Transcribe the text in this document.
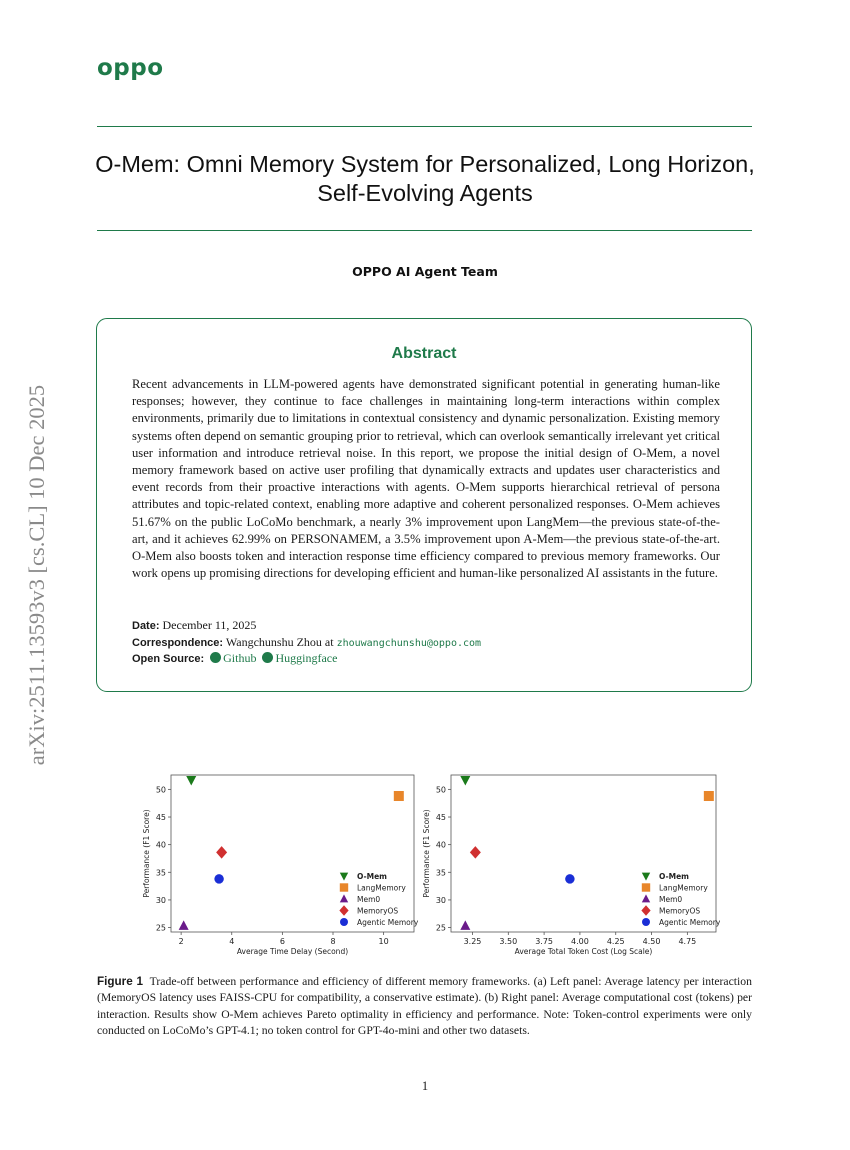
oppo
O-Mem: Omni Memory System for Personalized, Long Horizon,
Self-Evolving Agents
OPPO AI Agent Team
arXiv:2511.13593v3 [cs.CL] 10 Dec 2025
Abstract
Recent advancements in LLM-powered agents have demonstrated significant potential in generating human-like responses; however, they continue to face challenges in maintaining long-term interactions within complex environments, primarily due to limitations in contextual consistency and dynamic personalization. Existing memory systems often depend on semantic grouping prior to retrieval, which can overlook semantically irrelevant yet critical user information and introduce retrieval noise. In this report, we propose the initial design of O-Mem, a novel memory framework based on active user profiling that dynamically extracts and updates user characteristics and event records from their proactive interactions with agents. O-Mem supports hierarchical retrieval of persona attributes and topic-related context, enabling more adaptive and coherent personalized responses. O-Mem achieves 51.67% on the public LoCoMo benchmark, a nearly 3% improvement upon LangMem—the previous state-of-the-art, and it achieves 62.99% on PERSONAMEM, a 3.5% improvement upon A-Mem—the previous state-of-the-art. O-Mem also boosts token and interaction response time efficiency compared to previous memory frameworks. Our work opens up promising directions for developing efficient and human-like personalized AI assistants in the future.
Date: December 11, 2025
Correspondence: Wangchunshu Zhou at zhouwangchunshu@oppo.com
Open Source: Github Huggingface
2	4	6	8	10
25
30
35
40
45
50
Average Time Delay (Second)
Performance (F1 Score)	O-Mem
LangMemory
Mem0
MemoryOS
Agentic Memory
3.25 3.50 3.75 4.00 4.25 4.50 4.75
25
30
35
40
45
50
Average Total Token Cost (Log Scale)
Performance (F1 Score)	O-Mem
LangMemory
Mem0
MemoryOS
Agentic Memory
Figure 1 Trade-off between performance and efficiency of different memory frameworks. (a) Left panel: Average latency per interaction (MemoryOS latency uses FAISS-CPU for compatibility, a conservative estimate). (b) Right panel: Average computational cost (tokens) per interaction. Results show O-Mem achieves Pareto optimality in efficiency and performance. Note: Token-control experiments were only conducted on LoCoMo’s GPT-4.1; no token control for GPT-4o-mini and other two datasets.
1
